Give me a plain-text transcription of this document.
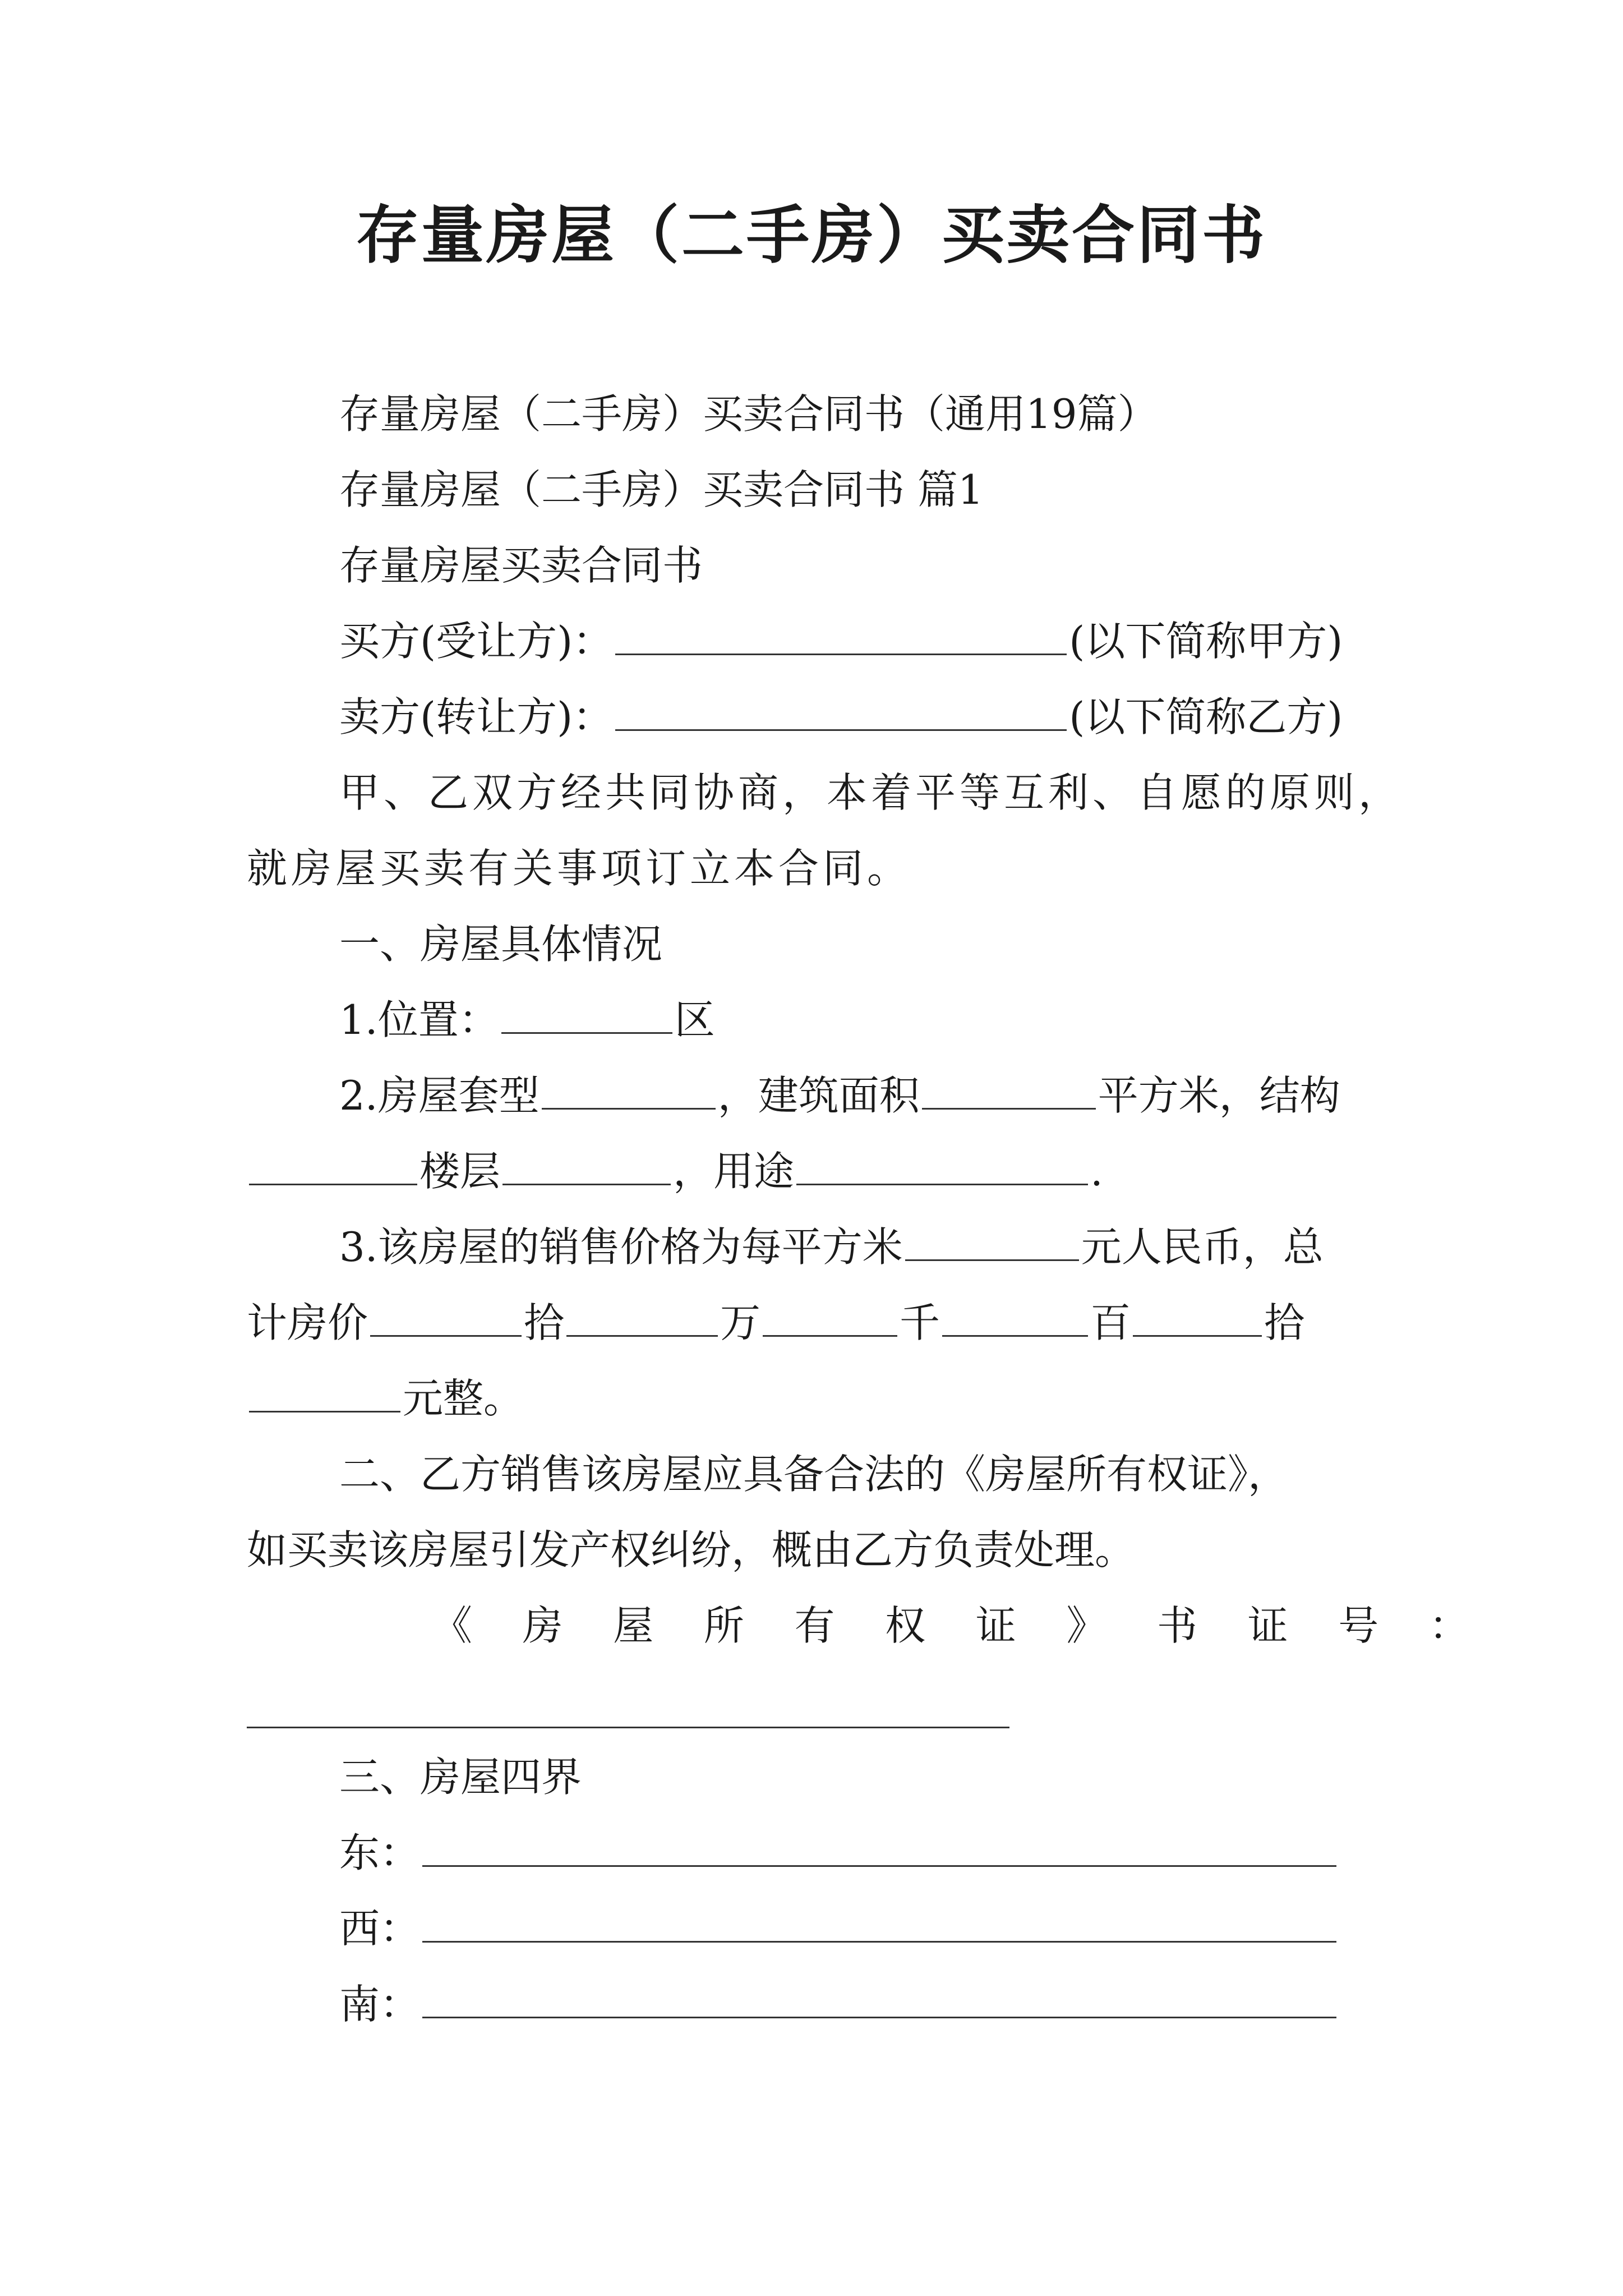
存量房屋（二手房）买卖合同书
存量房屋（二手房）买卖合同书（通用19篇）
存量房屋（二手房）买卖合同书 篇1
存量房屋买卖合同书
买方(受让方)：	(以下简称甲方)
卖方(转让方)：	(以下简称乙方)
甲、乙双方经共同协商，本着平等互利、自愿的原则，
就房屋买卖有关事项订立本合同。
一、房屋具体情况
1.位置：	区
2.房屋套型	，建筑面积	平方米，结构
楼层	，用途	.
3.该房屋的销售价格为每平方米	元人民币，总
计房价	拾	万	千	百	拾
元整。
二、乙方销售该房屋应具备合法的《房屋所有权证》，
如买卖该房屋引发产权纠纷，概由乙方负责处理。
《 房 屋 所 有 权 证 》 书 证 号 ：
三、房屋四界
东：
西：
南：
